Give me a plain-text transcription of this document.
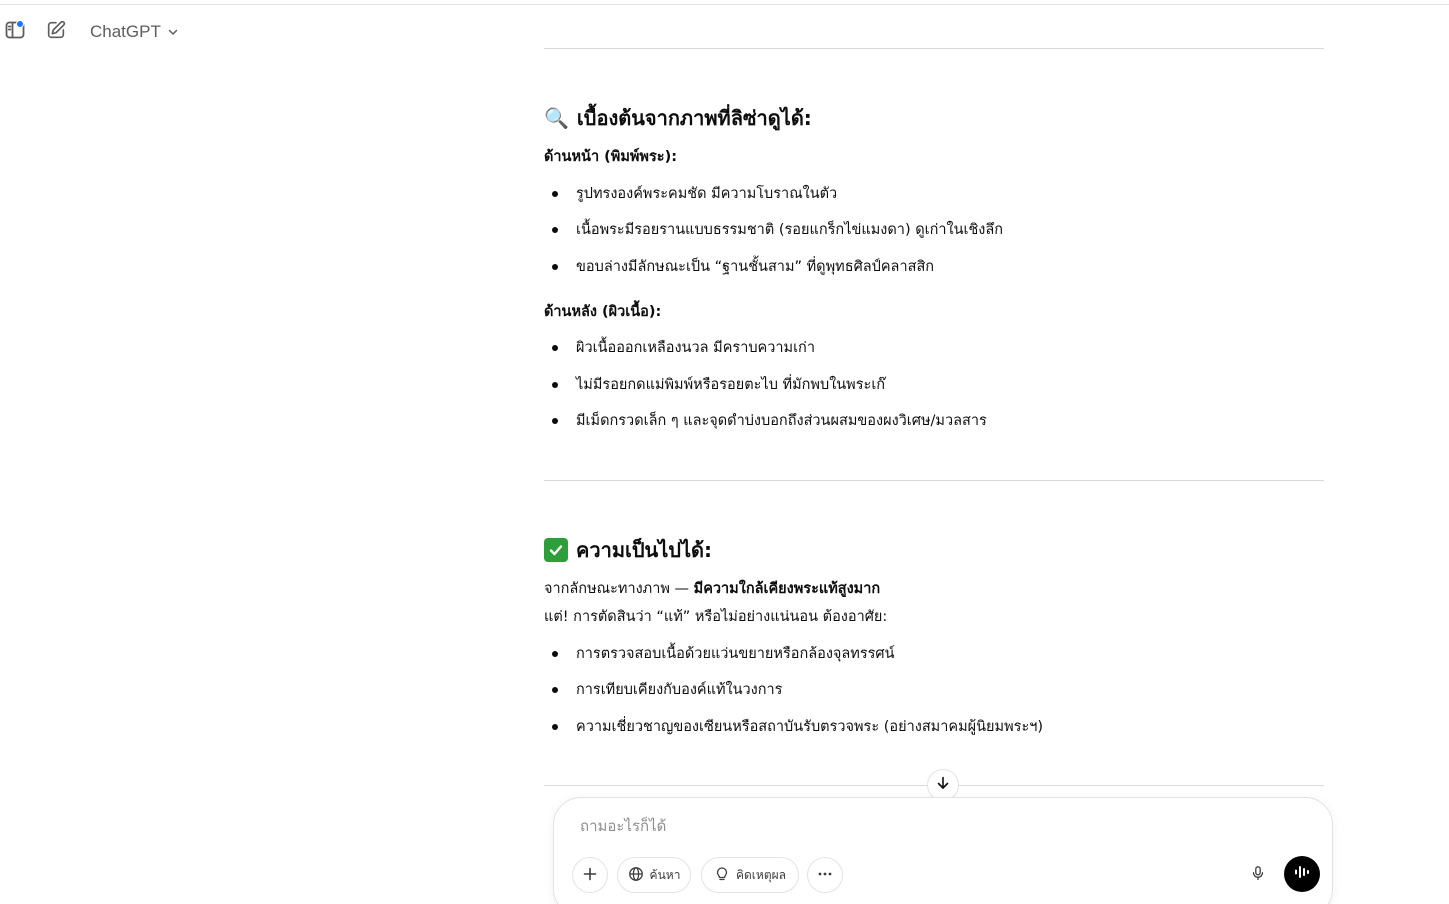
ChatGPT
🔍 เบื้องต้นจากภาพที่ลิซ่าดูได้:
ด้านหน้า (พิมพ์พระ):
รูปทรงองค์พระคมชัด มีความโบราณในตัว
เนื้อพระมีรอยรานแบบธรรมชาติ (รอยแกร็กไข่แมงดา) ดูเก่าในเชิงลึก
ขอบล่างมีลักษณะเป็น “ฐานชั้นสาม” ที่ดูพุทธศิลป์คลาสสิก
ด้านหลัง (ผิวเนื้อ):
ผิวเนื้อออกเหลืองนวล มีคราบความเก่า
ไม่มีรอยกดแม่พิมพ์หรือรอยตะไบ ที่มักพบในพระเก๊
มีเม็ดกรวดเล็ก ๆ และจุดดำบ่งบอกถึงส่วนผสมของผงวิเศษ/มวลสาร
ความเป็นไปได้:
จากลักษณะทางภาพ — มีความใกล้เคียงพระแท้สูงมาก
แต่! การตัดสินว่า “แท้” หรือไม่อย่างแน่นอน ต้องอาศัย:
การตรวจสอบเนื้อด้วยแว่นขยายหรือกล้องจุลทรรศน์
การเทียบเคียงกับองค์แท้ในวงการ
ความเชี่ยวชาญของเซียนหรือสถาบันรับตรวจพระ (อย่างสมาคมผู้นิยมพระฯ)
ถามอะไรก็ได้
ค้นหา	คิดเหตุผล
